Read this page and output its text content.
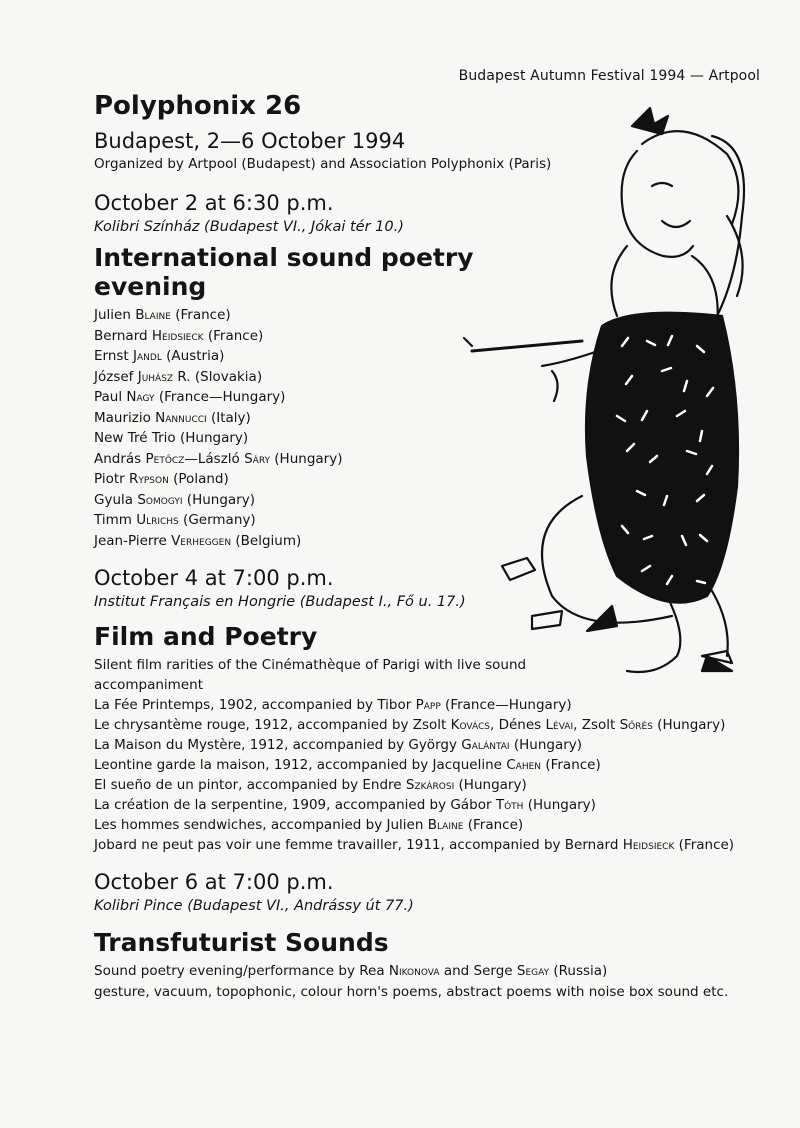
Budapest Autumn Festival 1994 — Artpool
Polyphonix 26

Budapest, 2—6 October 1994

Organized by Artpool (Budapest) and Association Polyphonix (Paris)

October 2 at 6:30 p.m.

Kolibri Színház (Budapest VI., Jókai tér 10.)

International sound poetry evening
Julien Blaine (France)
Bernard Heidsieck (France)
Ernst Jandl (Austria)
József Juhász R. (Slovakia)
Paul Nagy (France—Hungary)
Maurizio Nannucci (Italy)
New Tré Trio (Hungary)
András Petőcz—László Sáry (Hungary)
Piotr Rypson (Poland)
Gyula Somogyi (Hungary)
Timm Ulrichs (Germany)
Jean-Pierre Verheggen (Belgium)

October 4 at 7:00 p.m.

Institut Français en Hongrie (Budapest I., Fő u. 17.)

Film and Poetry
Silent film rarities of the Cinémathèque of Parigi with live sound
accompaniment
La Fée Printemps, 1902, accompanied by Tibor Papp (France—Hungary)
Le chrysantème rouge, 1912, accompanied by Zsolt Kovács, Dénes Lévai, Zsolt Sőrés (Hungary)
La Maison du Mystère, 1912, accompanied by György Galántai (Hungary)
Leontine garde la maison, 1912, accompanied by Jacqueline Cahen (France)
El sueño de un pintor, accompanied by Endre Szkárosi (Hungary)
La création de la serpentine, 1909, accompanied by Gábor Tóth (Hungary)
Les hommes sendwiches, accompanied by Julien Blaine (France)
Jobard ne peut pas voir une femme travailler, 1911, accompanied by Bernard Heidsieck (France)

October 6 at 7:00 p.m.

Kolibri Pince (Budapest VI., Andrássy út 77.)

Transfuturist Sounds
Sound poetry evening/performance by Rea Nikonova and Serge Segay (Russia)
gesture, vacuum, topophonic, colour horn's poems, abstract poems with noise box sound etc.
